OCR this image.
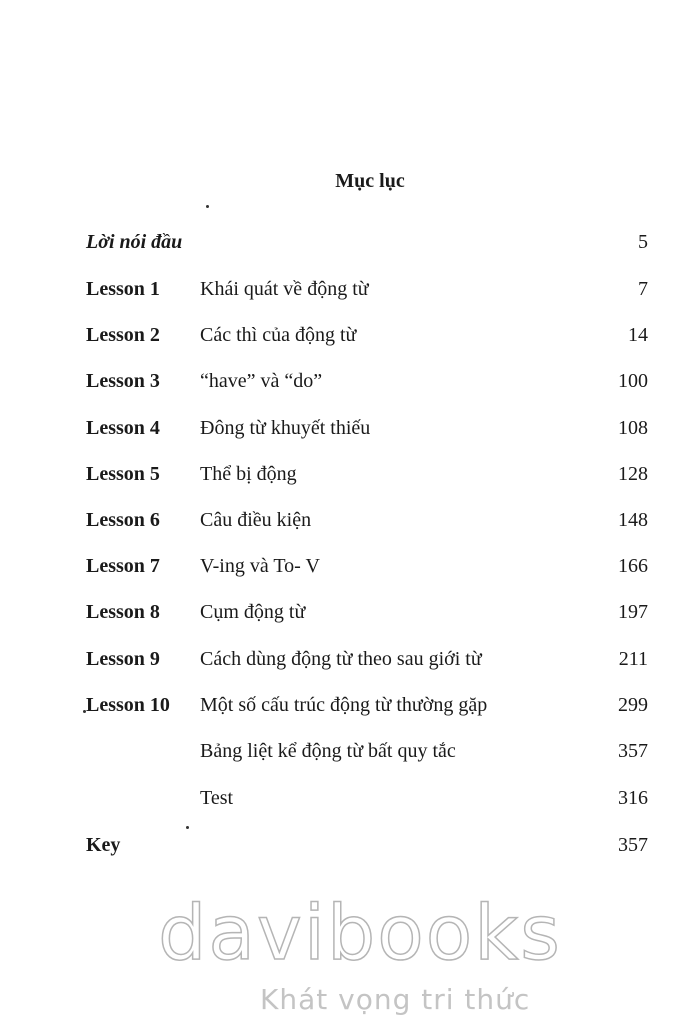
Mục lục
Lời nói đầu	5
Lesson 1 Khái quát về động từ	7
Lesson 2 Các thì của động từ	14
Lesson 3 “have” và “do”	100
Lesson 4 Đông từ khuyết thiếu	108
Lesson 5 Thể bị động	128
Lesson 6 Câu điều kiện	148
Lesson 7 V-ing và To- V	166
Lesson 8 Cụm động từ	197
Lesson 9 Cách dùng động từ theo sau giới từ	211
Lesson 10 Một số cấu trúc động từ thường gặp	299
Bảng liệt kể động từ bất quy tắc	357
Test	316
Key	357
davibooks
Khát vọng tri thức
